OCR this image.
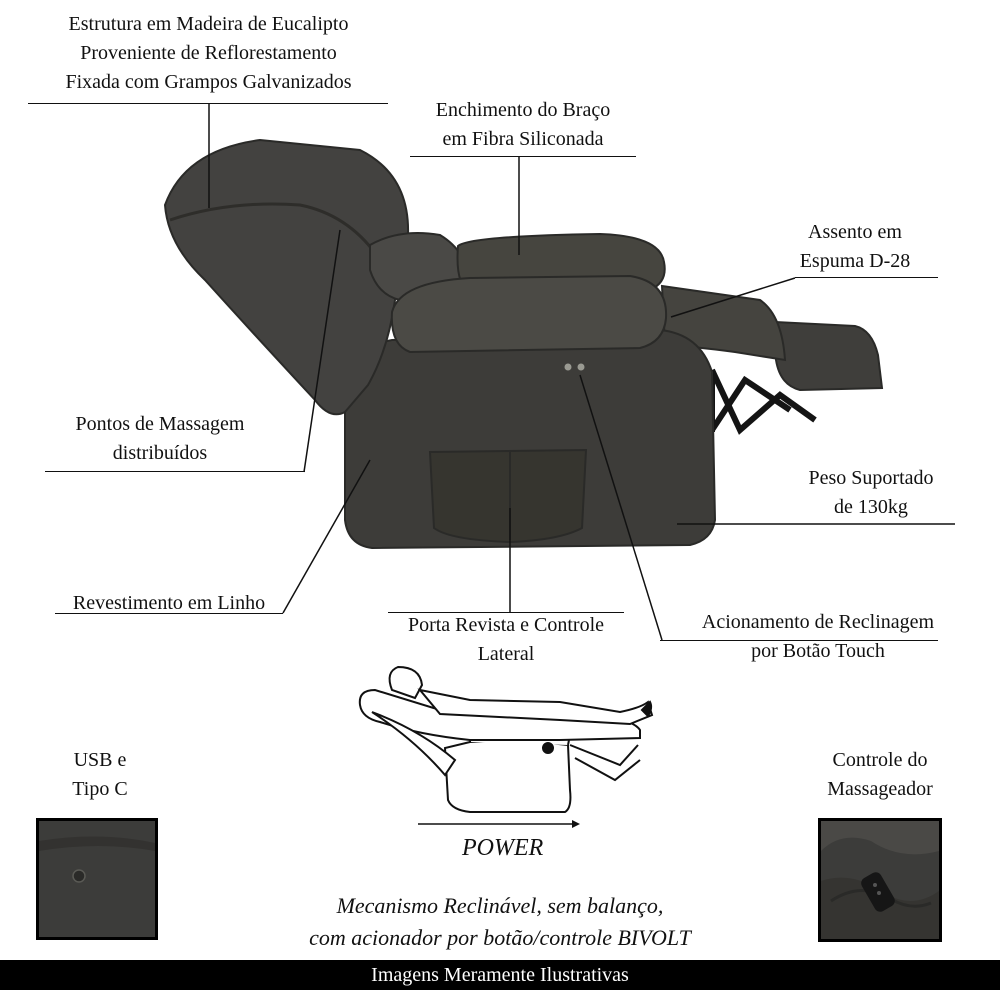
Estrutura em Madeira de Eucalipto
Proveniente de Reflorestamento
Fixada com Grampos Galvanizados
Enchimento do Braço
em Fibra Siliconada
Assento em
Espuma D-28
Pontos de Massagem
distribuídos
Peso Suportado
de 130kg
Revestimento em Linho
Porta Revista e Controle
Lateral
Acionamento de Reclinagem
por Botão Touch
USB e
Tipo C
Controle do
Massageador
POWER
Mecanismo Reclinável, sem balanço,
com acionador por botão/controle BIVOLT
Imagens Meramente Ilustrativas
